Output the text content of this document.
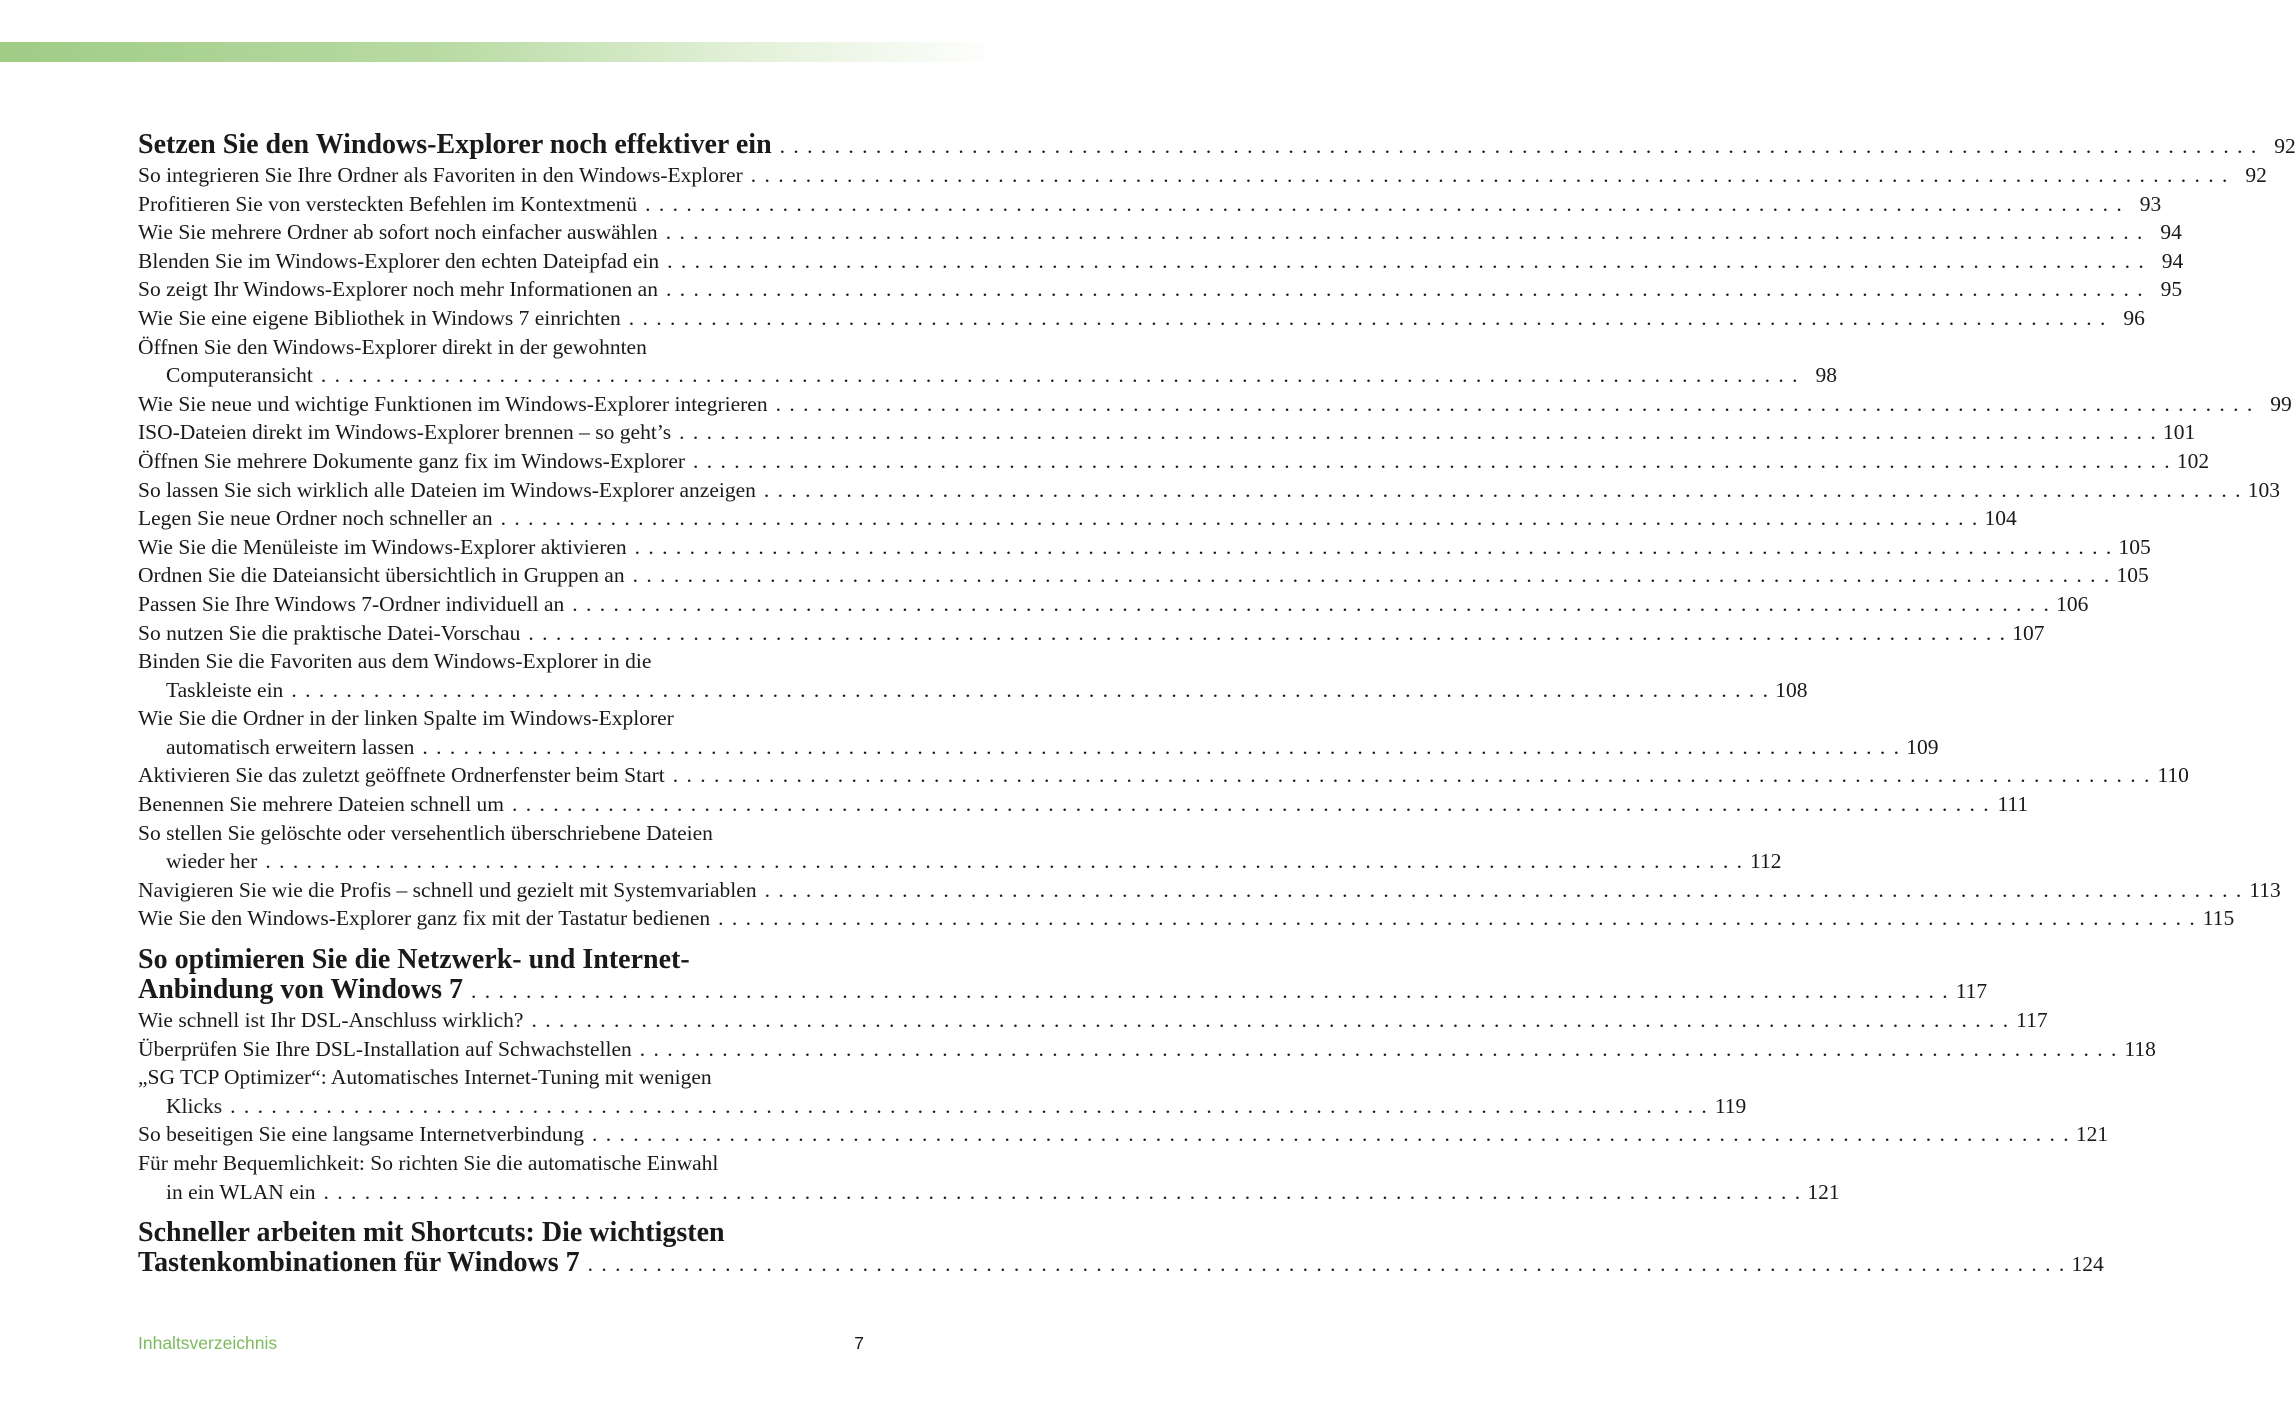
Setzen Sie den Windows-Explorer noch effektiver ein . . .	92
So integrieren Sie Ihre Ordner als Favoriten in den Windows-Explorer . . .	92
Profitieren Sie von versteckten Befehlen im Kontextmenü . . .	93
Wie Sie mehrere Ordner ab sofort noch einfacher auswählen . . .	94
Blenden Sie im Windows-Explorer den echten Dateipfad ein . . .	94
So zeigt Ihr Windows-Explorer noch mehr Informationen an . . .	95
Wie Sie eine eigene Bibliothek in Windows 7 einrichten . . .	96
Öffnen Sie den Windows-Explorer direkt in der gewohnten
Computeransicht . . .	98
Wie Sie neue und wichtige Funktionen im Windows-Explorer integrieren . . .	99
ISO-Dateien direkt im Windows-Explorer brennen – so geht’s . . .	101
Öffnen Sie mehrere Dokumente ganz fix im Windows-Explorer . . .	102
So lassen Sie sich wirklich alle Dateien im Windows-Explorer anzeigen . . .	103
Legen Sie neue Ordner noch schneller an . . .	104
Wie Sie die Menüleiste im Windows-Explorer aktivieren . . .	105
Ordnen Sie die Dateiansicht übersichtlich in Gruppen an . . .	105
Passen Sie Ihre Windows 7-Ordner individuell an . . .	106
So nutzen Sie die praktische Datei-Vorschau . . .	107
Binden Sie die Favoriten aus dem Windows-Explorer in die
Taskleiste ein . . .	108
Wie Sie die Ordner in der linken Spalte im Windows-Explorer
automatisch erweitern lassen . . .	109
Aktivieren Sie das zuletzt geöffnete Ordnerfenster beim Start . . .	110
Benennen Sie mehrere Dateien schnell um . . .	111
So stellen Sie gelöschte oder versehentlich überschriebene Dateien
wieder her . . .	112
Navigieren Sie wie die Profis – schnell und gezielt mit Systemvariablen . . .	113
Wie Sie den Windows-Explorer ganz fix mit der Tastatur bedienen . . .	115
So optimieren Sie die Netzwerk- und Internet-
Anbindung von Windows 7 . . .	117
Wie schnell ist Ihr DSL-Anschluss wirklich? . . .	117
Überprüfen Sie Ihre DSL-Installation auf Schwachstellen . . .	118
„SG TCP Optimizer“: Automatisches Internet-Tuning mit wenigen
Klicks . . .	119
So beseitigen Sie eine langsame Internetverbindung . . .	121
Für mehr Bequemlichkeit: So richten Sie die automatische Einwahl
in ein WLAN ein . . .	121
Schneller arbeiten mit Shortcuts: Die wichtigsten
Tastenkombinationen für Windows 7 . . .	124
Inhaltsverzeichnis	7
